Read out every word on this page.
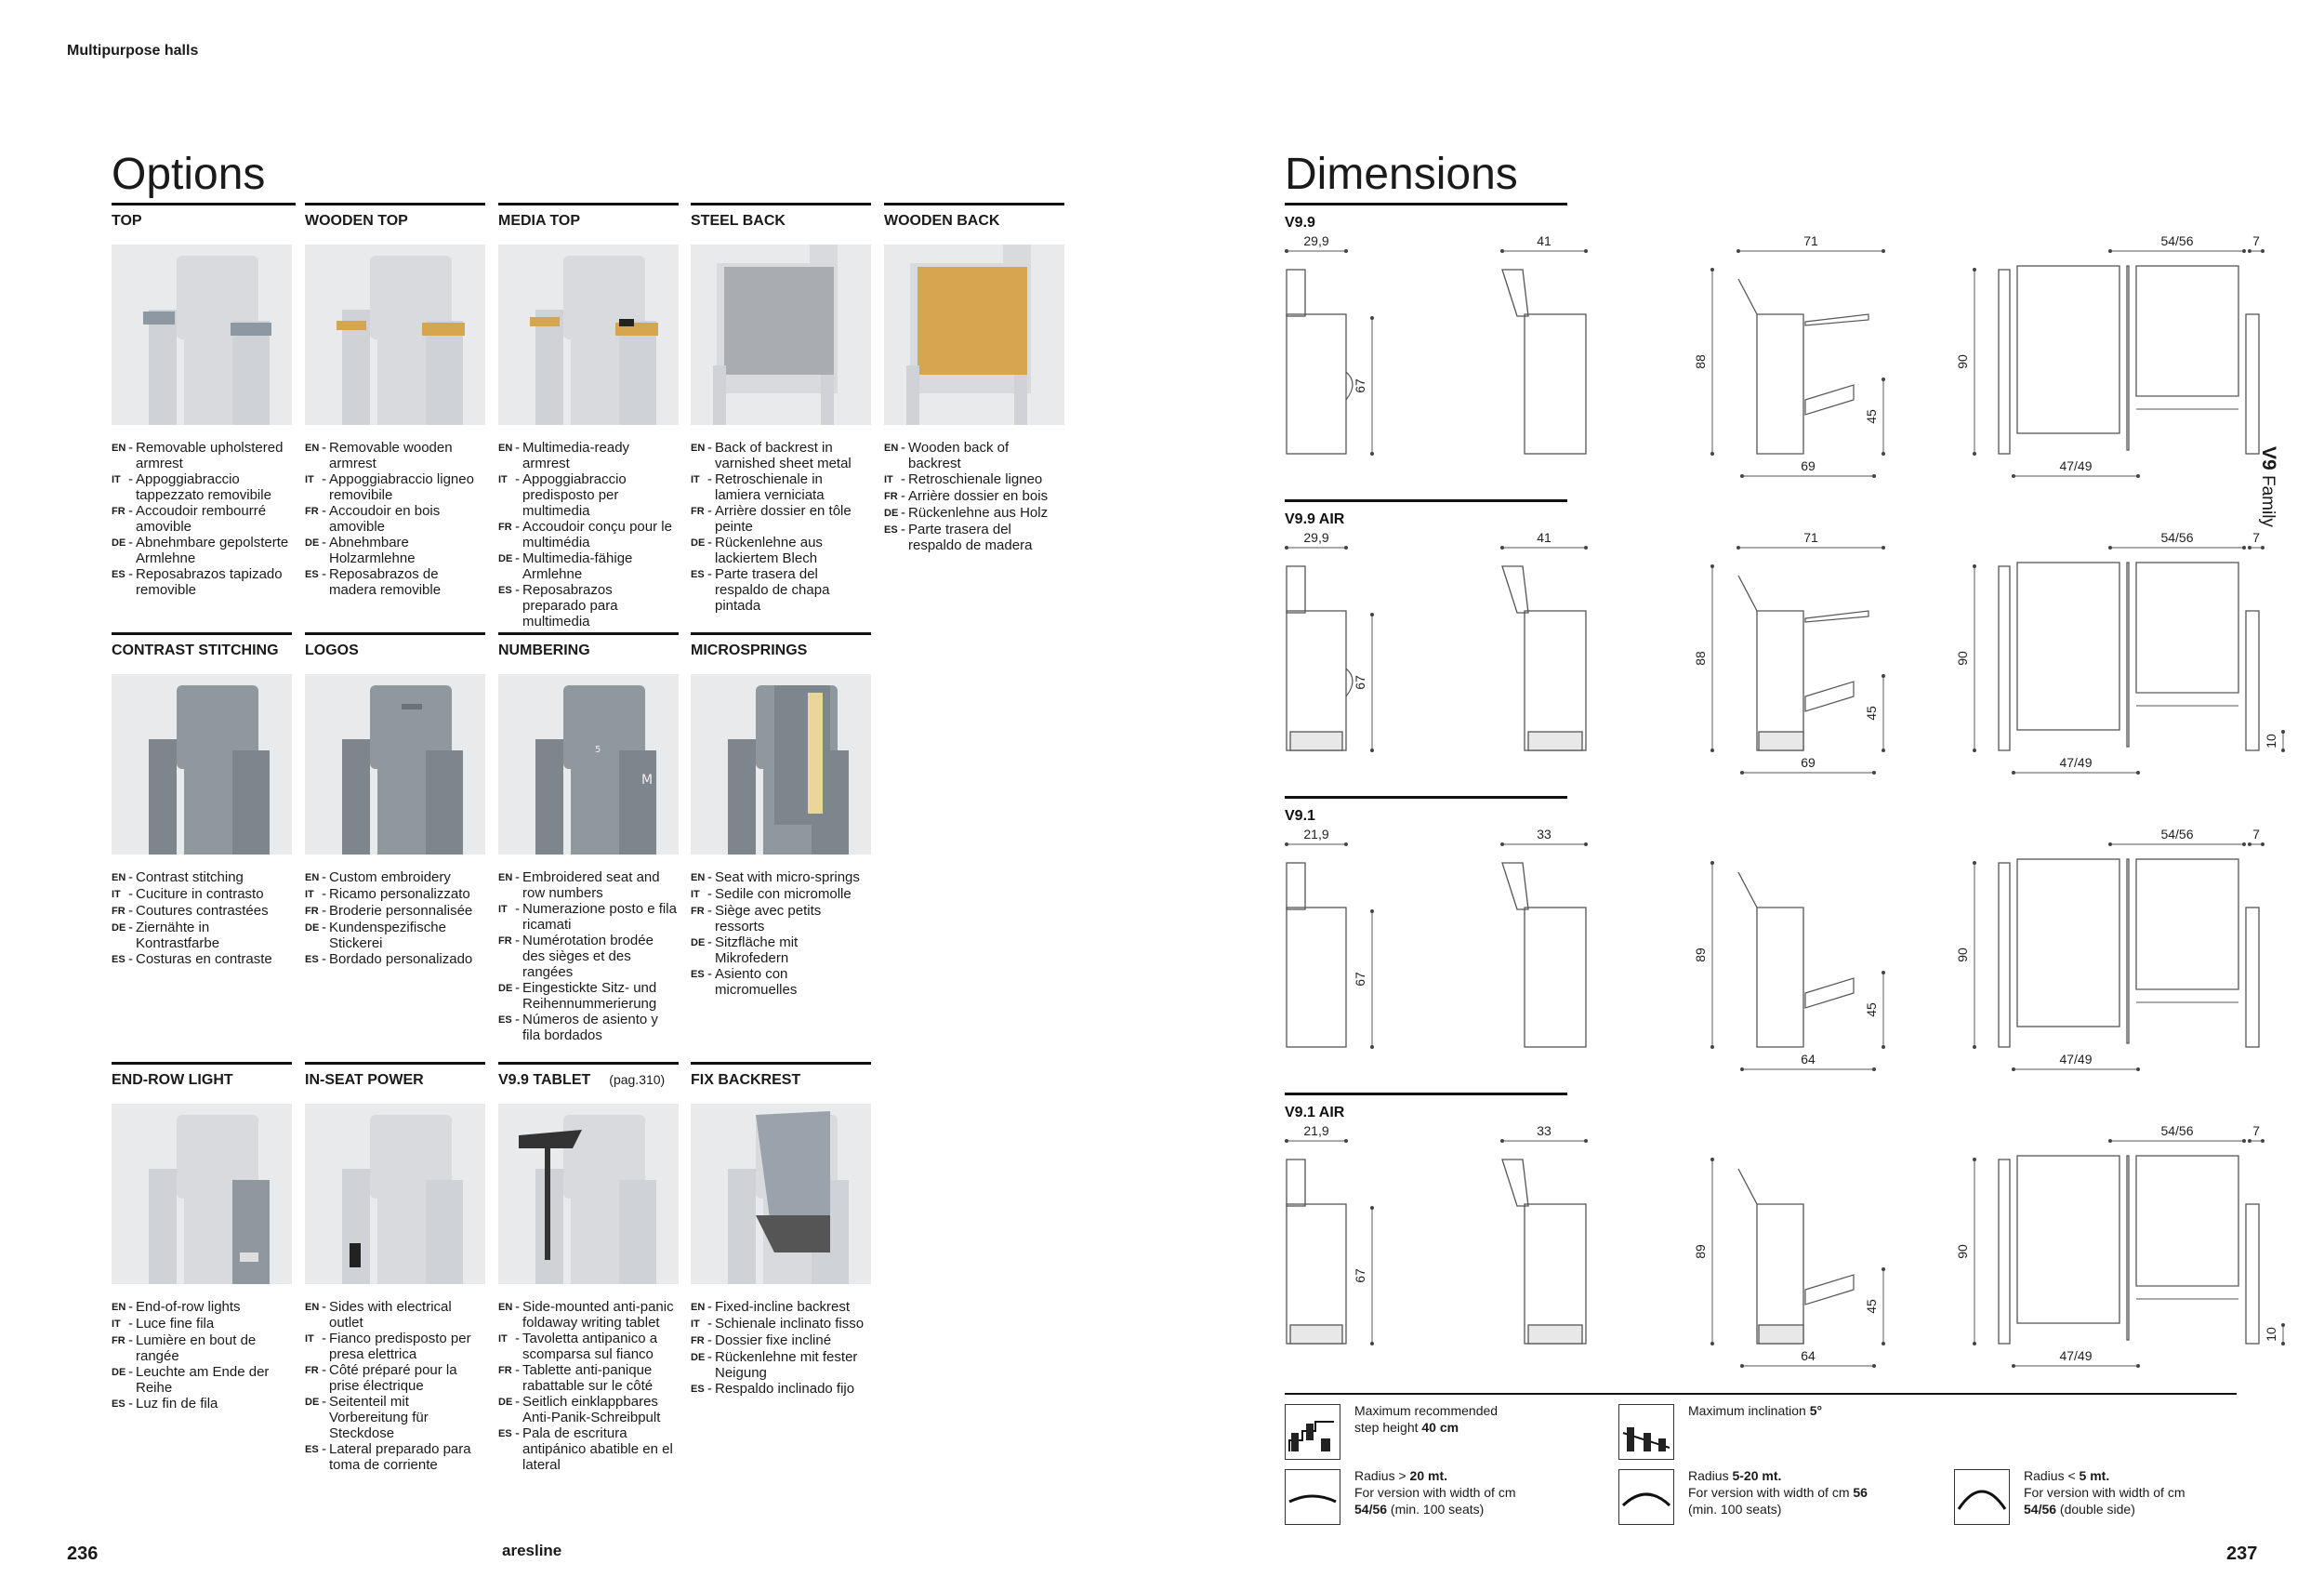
Multipurpose halls
Options
TOP
EN - Removable upholstered armrest
IT - Appoggiabraccio tappezzato removibile
FR - Accoudoir rembourré amovible
DE - Abnehmbare gepolsterte Armlehne
ES - Reposabrazos tapizado removible
WOODEN TOP
EN - Removable wooden armrest
IT - Appoggiabraccio ligneo removibile
FR - Accoudoir en bois amovible
DE - Abnehmbare Holzarmlehne
ES - Reposabrazos de madera removible
MEDIA TOP
EN - Multimedia-ready armrest
IT - Appoggiabraccio predisposto per multimedia
FR - Accoudoir conçu pour le multimédia
DE - Multimedia-fähige Armlehne
ES - Reposabrazos preparado para multimedia
STEEL BACK
EN - Back of backrest in varnished sheet metal
IT - Retroschienale in lamiera verniciata
FR - Arrière dossier en tôle peinte
DE - Rückenlehne aus lackiertem Blech
ES - Parte trasera del respaldo de chapa pintada
WOODEN BACK
EN - Wooden back of backrest
IT - Retroschienale ligneo
FR - Arrière dossier en bois
DE - Rückenlehne aus Holz
ES - Parte trasera del respaldo de madera
CONTRAST STITCHING
EN - Contrast stitching
IT - Cuciture in contrasto
FR - Coutures contrastées
DE - Ziernähte in Kontrastfarbe
ES - Costuras en contraste
LOGOS
EN - Custom embroidery
IT - Ricamo personalizzato
FR - Broderie personnalisée
DE - Kundenspezifische Stickerei
ES - Bordado personalizado
NUMBERING
5
M
EN - Embroidered seat and row numbers
IT - Numerazione posto e fila ricamati
FR - Numérotation brodée des sièges et des rangées
DE - Eingestickte Sitz- und Reihennummerierung
ES - Números de asiento y fila bordados
MICROSPRINGS
EN - Seat with micro-springs
IT - Sedile con micromolle
FR - Siège avec petits ressorts
DE - Sitzfläche mit Mikrofedern
ES - Asiento con micromuelles
END-ROW LIGHT
EN - End-of-row lights
IT - Luce fine fila
FR - Lumière en bout de rangée
DE - Leuchte am Ende der Reihe
ES - Luz fin de fila
IN-SEAT POWER
EN - Sides with electrical outlet
IT - Fianco predisposto per presa elettrica
FR - Côté préparé pour la prise électrique
DE - Seitenteil mit Vorbereitung für Steckdose
ES - Lateral preparado para toma de corriente
V9.9 TABLET (pag.310)
EN - Side-mounted anti-panic foldaway writing tablet
IT - Tavoletta antipanico a scomparsa sul fianco
FR - Tablette anti-panique rabattable sur le côté
DE - Seitlich einklappbares Anti-Panik-Schreibpult
ES - Pala de escritura antipánico abatible en el lateral
FIX BACKREST
EN - Fixed-incline backrest
IT - Schienale inclinato fisso
FR - Dossier fixe incliné
DE - Rückenlehne mit fester Neigung
ES - Respaldo inclinado fijo
Dimensions
V9.9
29,9
67
41	71
88
45
69
90
54/56	7
47/49
V9.9 AIR
29,9
67
41	71
88
45
69
90
54/56	7
47/49
10
V9.1
21,9
67
33
89
45
64
90
54/56	7
47/49
V9.1 AIR
21,9
67
33
89
45
64
90
54/56	7
47/49
10
Maximum recommended
step height 40 cm
Maximum inclination 5°
Radius > 20 mt.
For version with width of cm
54/56 (min. 100 seats)
Radius 5-20 mt.
For version with width of cm 56
(min. 100 seats)
Radius < 5 mt.
For version with width of cm
54/56 (double side)
V9 Family
236	aresline	237
